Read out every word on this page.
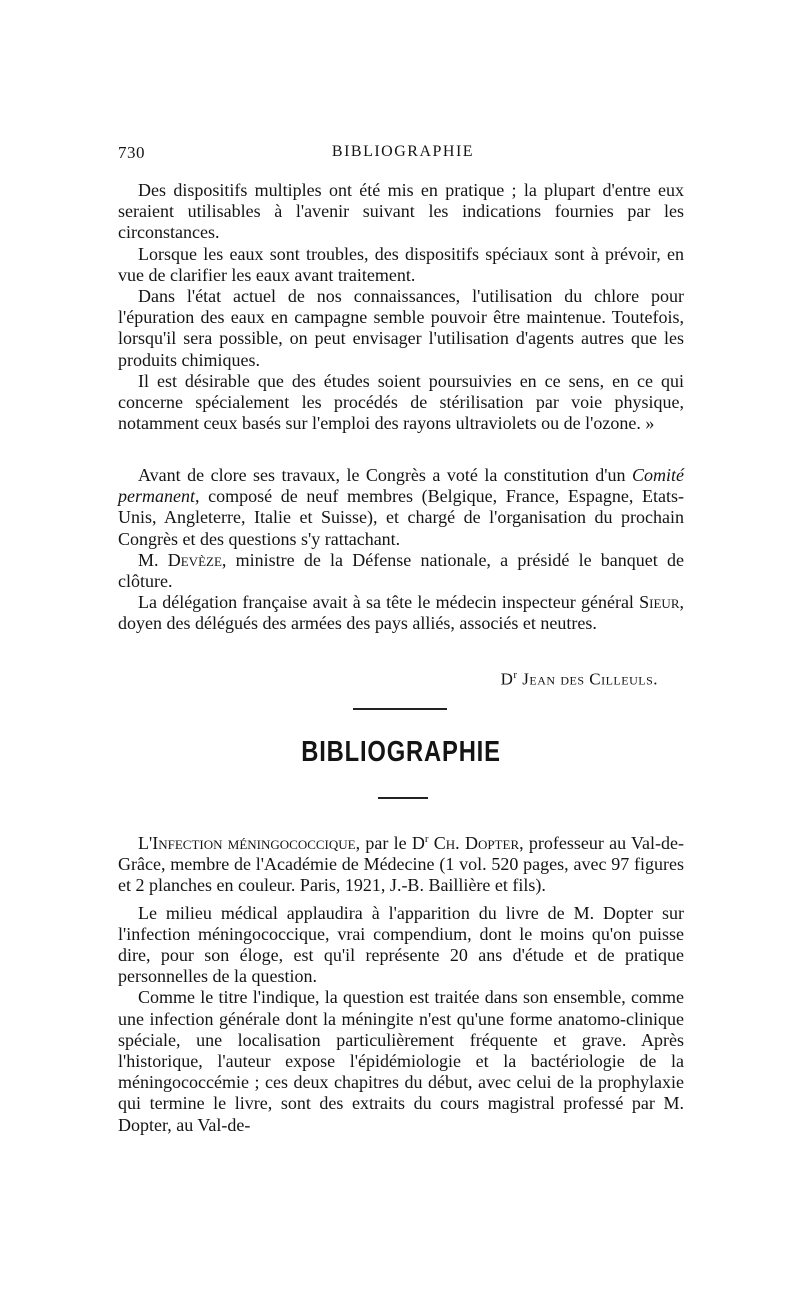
730	BIBLIOGRAPHIE

Des dispositifs multiples ont été mis en pratique ; la plupart d'entre eux seraient utilisables à l'avenir suivant les indications fournies par les circonstances.

Lorsque les eaux sont troubles, des dispositifs spéciaux sont à prévoir, en vue de clarifier les eaux avant traitement.

Dans l'état actuel de nos connaissances, l'utilisation du chlore pour l'épuration des eaux en campagne semble pouvoir être maintenue. Toutefois, lorsqu'il sera possible, on peut envisager l'utilisation d'agents autres que les produits chimiques.

Il est désirable que des études soient poursuivies en ce sens, en ce qui concerne spécialement les procédés de stérilisation par voie physique, notamment ceux basés sur l'emploi des rayons ultraviolets ou de l'ozone. »

Avant de clore ses travaux, le Congrès a voté la constitution d'un Comité permanent, composé de neuf membres (Belgique, France, Espagne, Etats-Unis, Angleterre, Italie et Suisse), et chargé de l'organisation du prochain Congrès et des questions s'y rattachant.

M. Devèze, ministre de la Défense nationale, a présidé le banquet de clôture.

La délégation française avait à sa tête le médecin inspecteur général Sieur, doyen des délégués des armées des pays alliés, associés et neutres.

$D^r$ Jean des Cilleuls.
BIBLIOGRAPHIE

L'Infection méningococcique, par le $D^r$ Ch. Dopter, professeur au Val-de-Grâce, membre de l'Académie de Médecine (1 vol. 520 pages, avec 97 figures et 2 planches en couleur. Paris, 1921, J.-B. Baillière et fils).

Le milieu médical applaudira à l'apparition du livre de M. Dopter sur l'infection méningococcique, vrai compendium, dont le moins qu'on puisse dire, pour son éloge, est qu'il représente 20 ans d'étude et de pratique personnelles de la question.

Comme le titre l'indique, la question est traitée dans son ensemble, comme une infection générale dont la méningite n'est qu'une forme anatomo-clinique spéciale, une localisation particulièrement fréquente et grave. Après l'historique, l'auteur expose l'épidémiologie et la bactériologie de la méningococcémie ; ces deux chapitres du début, avec celui de la prophylaxie qui termine le livre, sont des extraits du cours magistral professé par M. Dopter, au Val-de-
